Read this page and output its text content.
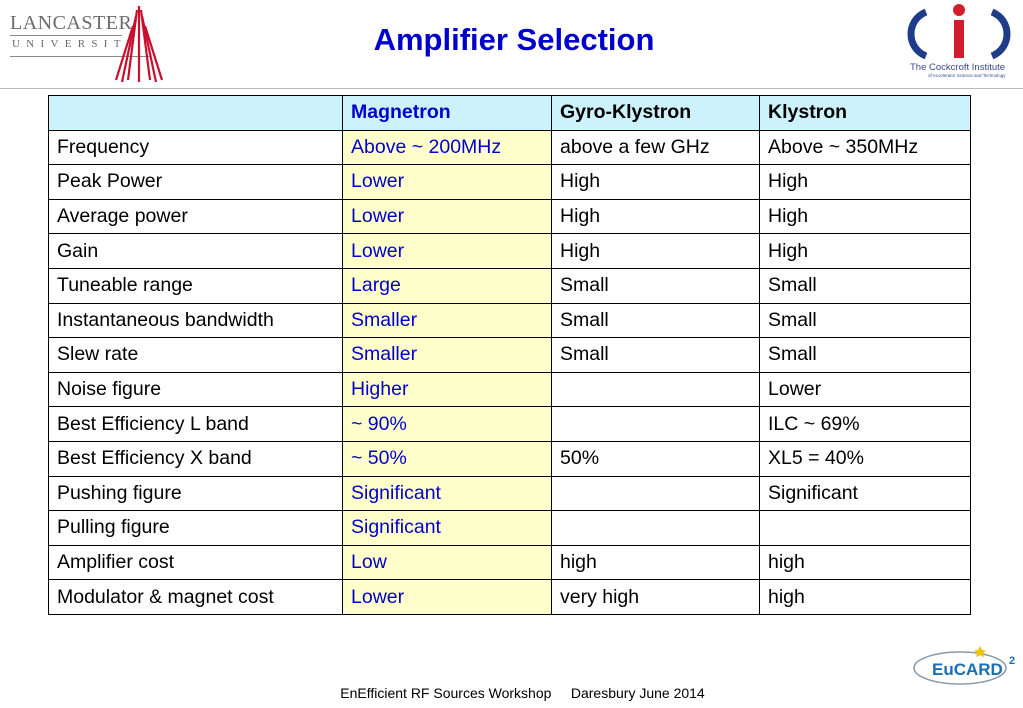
LANCASTER
UNIVERSITY	Amplifier Selection
The Cockcroft Institute
of Accelerator Science and Technology
	Magnetron	Gyro-Klystron	Klystron
Frequency	Above ~ 200MHz	above a few GHz	Above ~ 350MHz
Peak Power	Lower	High	High
Average power	Lower	High	High
Gain	Lower	High	High
Tuneable range	Large	Small	Small
Instantaneous bandwidth	Smaller	Small	Small
Slew rate	Smaller	Small	Small
Noise figure	Higher		Lower
Best Efficiency L band	~ 90%		ILC ~ 69%
Best Efficiency X band	~ 50%	50%	XL5 = 40%
Pushing figure	Significant		Significant
Pulling figure	Significant		
Amplifier cost	Low	high	high
Modulator & magnet cost	Lower	very high	high
EnEfficient RF Sources Workshop Daresbury June 2014
EuCARD 2
